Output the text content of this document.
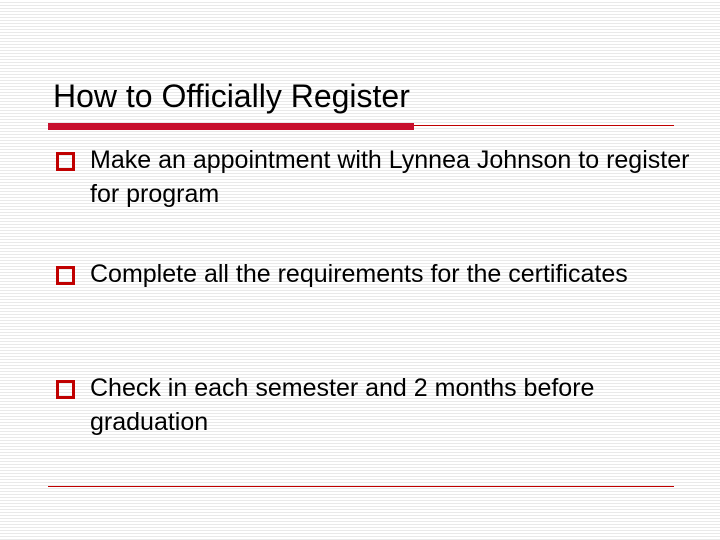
How to Officially Register
Make an appointment with Lynnea Johnson to register for program
Complete all the requirements for the certificates
Check in each semester and 2 months before graduation
